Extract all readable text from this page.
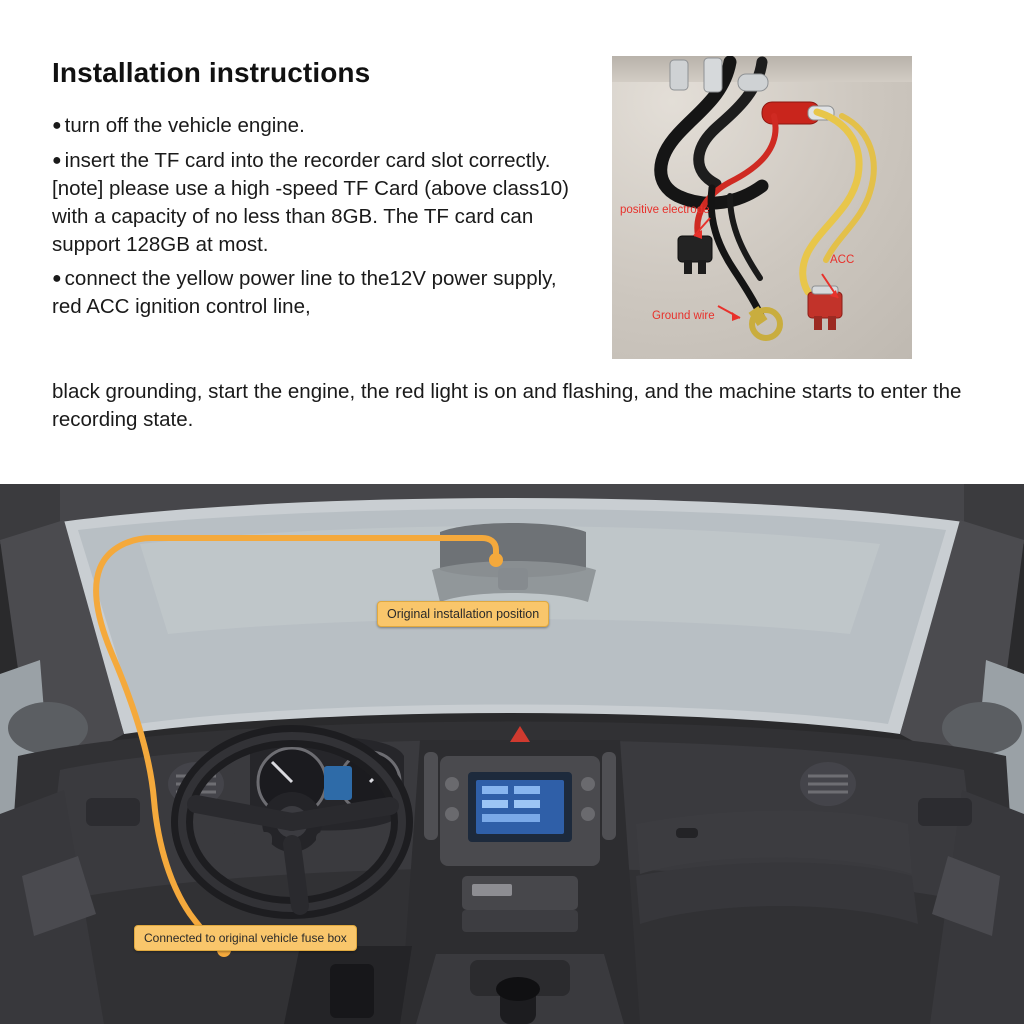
Installation instructions
● turn off the vehicle engine.
● insert the TF card into the recorder card slot correctly. [note] please use a high -speed TF Card (above class10) with a capacity of no less than 8GB. The TF card can support 128GB at most.
● connect the yellow power line to the12V power supply, red ACC ignition control line,
black grounding, start the engine, the red light is on and flashing, and the machine starts to enter the recording state.
positive electrode
ACC
Ground wire
Original installation position
Connected to original vehicle fuse box
